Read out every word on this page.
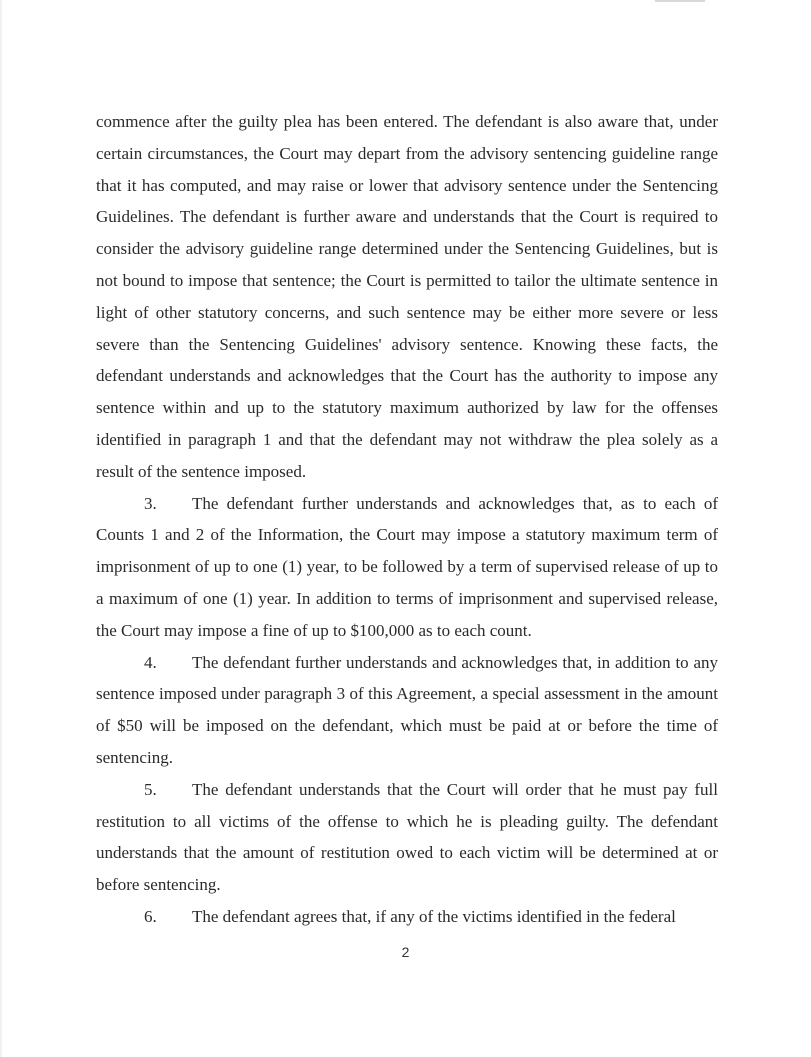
commence after the guilty plea has been entered. The defendant is also aware that, under certain circumstances, the Court may depart from the advisory sentencing guideline range that it has computed, and may raise or lower that advisory sentence under the Sentencing Guidelines. The defendant is further aware and understands that the Court is required to consider the advisory guideline range determined under the Sentencing Guidelines, but is not bound to impose that sentence; the Court is permitted to tailor the ultimate sentence in light of other statutory concerns, and such sentence may be either more severe or less severe than the Sentencing Guidelines' advisory sentence. Knowing these facts, the defendant understands and acknowledges that the Court has the authority to impose any sentence within and up to the statutory maximum authorized by law for the offenses identified in paragraph 1 and that the defendant may not withdraw the plea solely as a result of the sentence imposed.

3. The defendant further understands and acknowledges that, as to each of Counts 1 and 2 of the Information, the Court may impose a statutory maximum term of imprisonment of up to one (1) year, to be followed by a term of supervised release of up to a maximum of one (1) year. In addition to terms of imprisonment and supervised release, the Court may impose a fine of up to $100,000 as to each count.

4. The defendant further understands and acknowledges that, in addition to any sentence imposed under paragraph 3 of this Agreement, a special assessment in the amount of $50 will be imposed on the defendant, which must be paid at or before the time of sentencing.

5. The defendant understands that the Court will order that he must pay full restitution to all victims of the offense to which he is pleading guilty. The defendant understands that the amount of restitution owed to each victim will be determined at or before sentencing.

6. The defendant agrees that, if any of the victims identified in the federal

2
